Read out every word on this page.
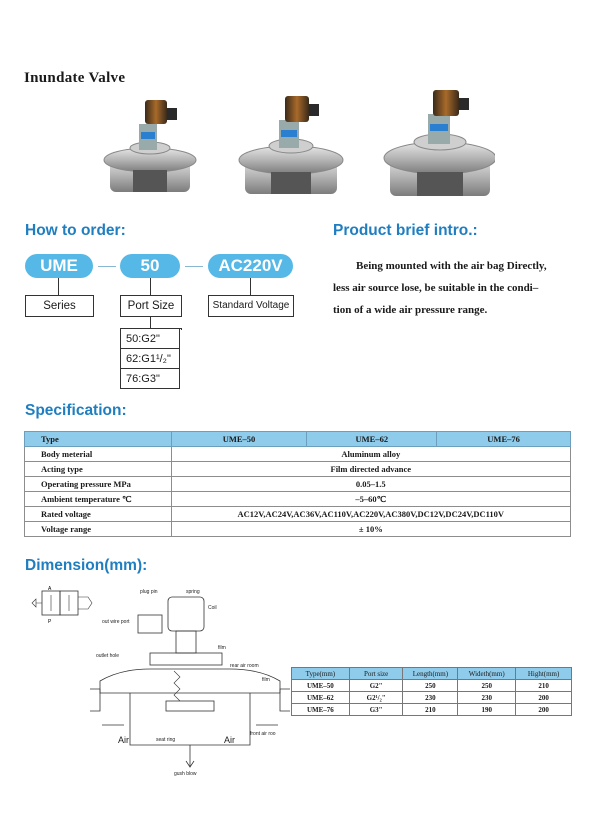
Inundate Valve
How to order:
UME	50	AC220V
Series	Port Size	Standard Voltage
50:G2"
62:G1¹/₂"
76:G3"
Product brief intro.:
Being mounted with the air bag Directly,
less air source lose, be suitable in the condi–
tion of a wide air pressure range.
Specification:
Type	UME–50	UME–62	UME–76
Body meterial	Aluminum alloy		
Acting type	Film directed advance		
Operating pressure MPa	0.05–1.5		
Ambient temperature ℃	–5–60℃		
Rated voltage	AC12V,AC24V,AC36V,AC110V,AC220V,AC380V,DC12V,DC24V,DC110V		
Voltage range	± 10%		
Dimension(mm):
A
P
plug pin	spring
Coil
out wire port
film
outlet hole
rear air room
film
Air	Air
seat ring
front air roo
gush blow
Type(mm)	Port size	Length(mm)	Wideth(mm)	Hight(mm)
UME–50	G2"	250	250	210
UME–62	G2¹/₂"	230	230	200
UME–76	G3"	210	190	200
